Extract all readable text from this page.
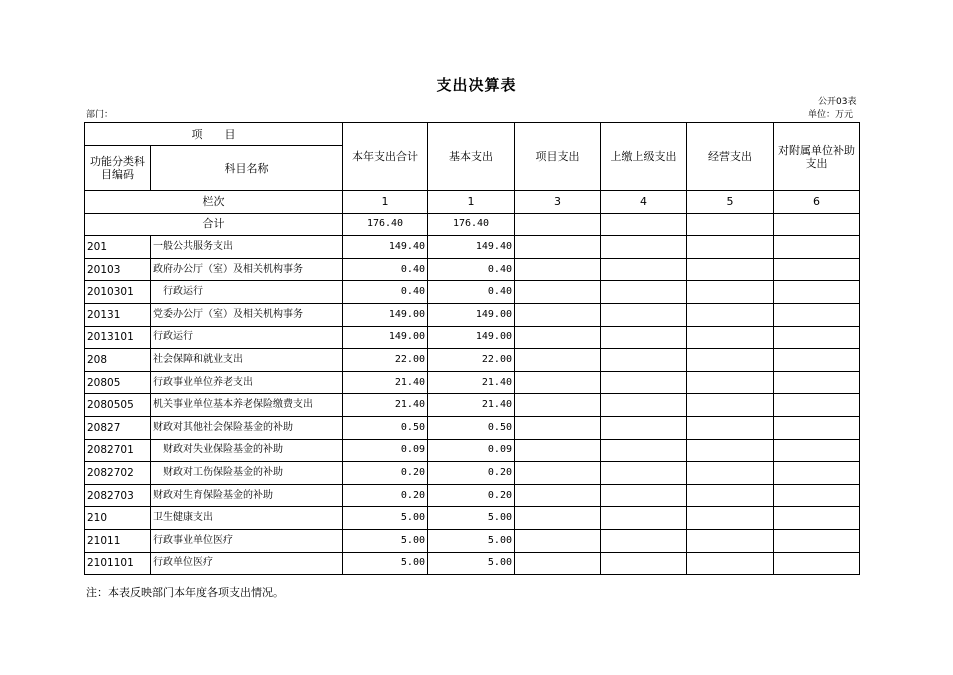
支出决算表
公开03表
部门：	单位：万元
项　　目		本年支出合计	基本支出	项目支出	上缴上级支出	经营支出	对附属单位补助支出
功能分类科目编码	科目名称						
栏次		1	1	3	4	5	6
合计		176.40	176.40				
201	一般公共服务支出	149.40	149.40				
20103	政府办公厅（室）及相关机构事务	0.40	0.40				
2010301	　行政运行	0.40	0.40				
20131	党委办公厅（室）及相关机构事务	149.00	149.00				
2013101	行政运行	149.00	149.00				
208	社会保障和就业支出	22.00	22.00				
20805	行政事业单位养老支出	21.40	21.40				
2080505	机关事业单位基本养老保险缴费支出	21.40	21.40				
20827	财政对其他社会保险基金的补助	0.50	0.50				
2082701	　财政对失业保险基金的补助	0.09	0.09				
2082702	　财政对工伤保险基金的补助	0.20	0.20				
2082703	财政对生育保险基金的补助	0.20	0.20				
210	卫生健康支出	5.00	5.00				
21011	行政事业单位医疗	5.00	5.00				
2101101	行政单位医疗	5.00	5.00				
注：本表反映部门本年度各项支出情况。
